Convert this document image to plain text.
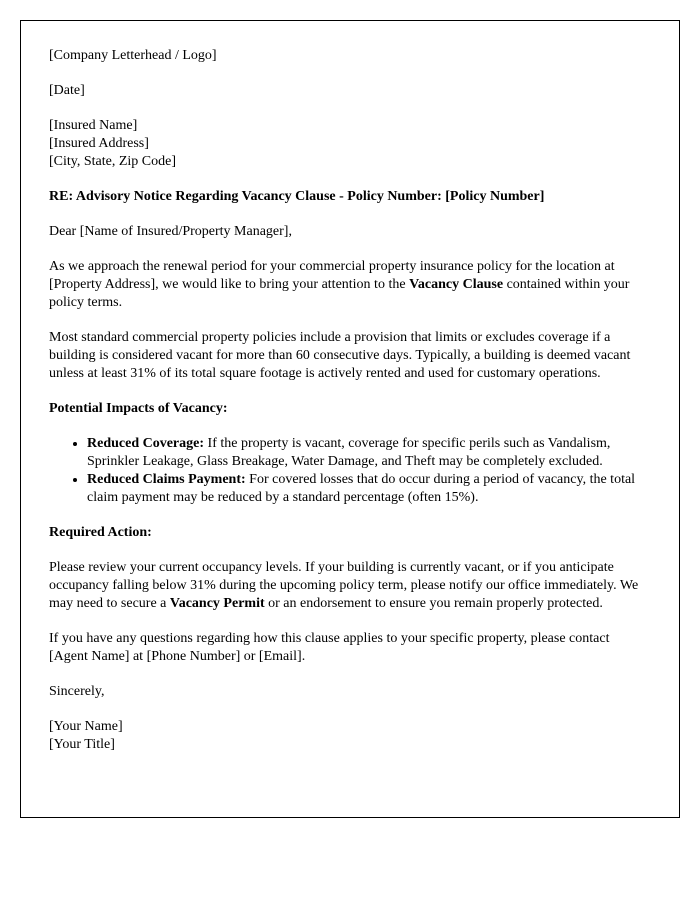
[Company Letterhead / Logo]

[Date]

[Insured Name]
[Insured Address]
[City, State, Zip Code]

RE: Advisory Notice Regarding Vacancy Clause - Policy Number: [Policy Number]

Dear [Name of Insured/Property Manager],

As we approach the renewal period for your commercial property insurance policy for the location at [Property Address], we would like to bring your attention to the Vacancy Clause contained within your policy terms.

Most standard commercial property policies include a provision that limits or excludes coverage if a building is considered vacant for more than 60 consecutive days. Typically, a building is deemed vacant unless at least 31% of its total square footage is actively rented and used for customary operations.

Potential Impacts of Vacancy:

• Reduced Coverage: If the property is vacant, coverage for specific perils such as Vandalism, Sprinkler Leakage, Glass Breakage, Water Damage, and Theft may be completely excluded.
• Reduced Claims Payment: For covered losses that do occur during a period of vacancy, the total claim payment may be reduced by a standard percentage (often 15%).

Required Action:

Please review your current occupancy levels. If your building is currently vacant, or if you anticipate occupancy falling below 31% during the upcoming policy term, please notify our office immediately. We may need to secure a Vacancy Permit or an endorsement to ensure you remain properly protected.

If you have any questions regarding how this clause applies to your specific property, please contact [Agent Name] at [Phone Number] or [Email].

Sincerely,

[Your Name]
[Your Title]
